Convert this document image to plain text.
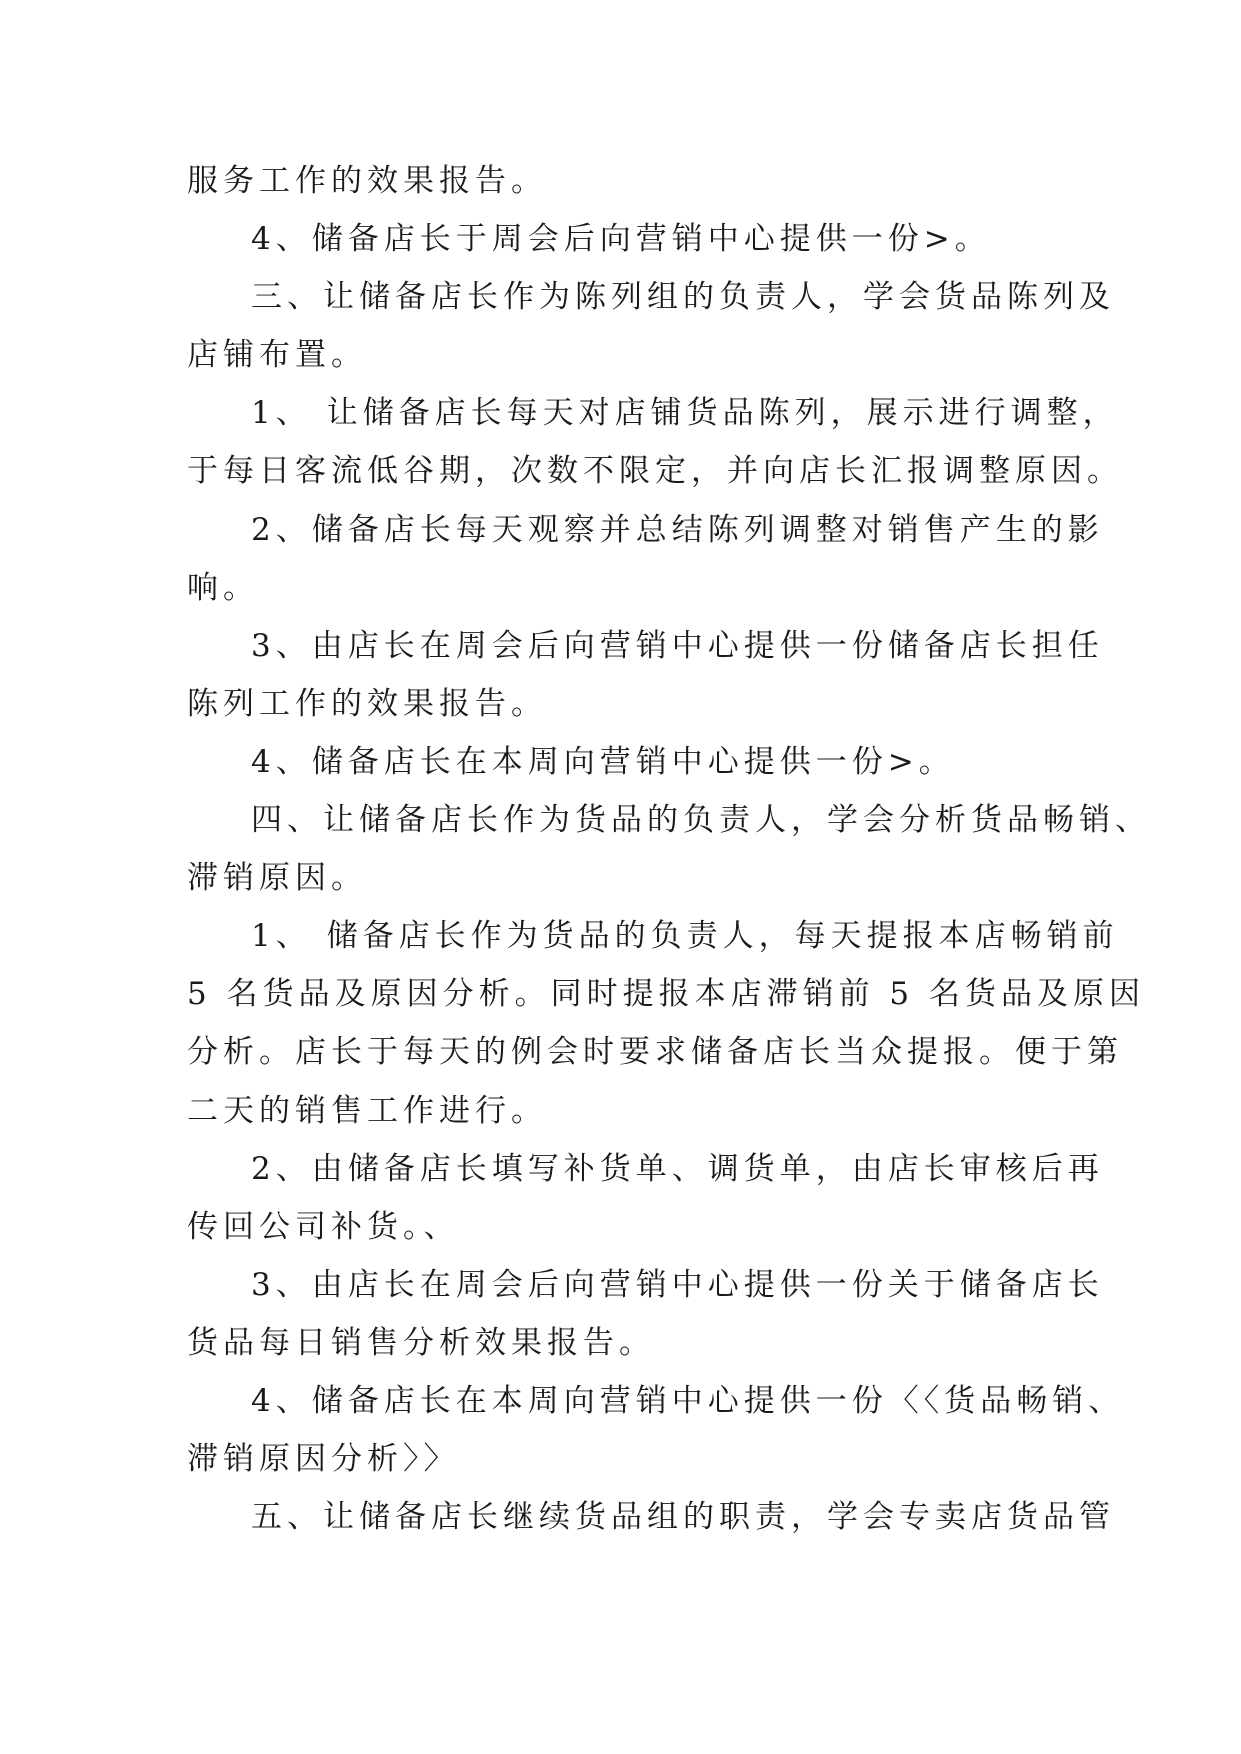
服务工作的效果报告。
4、储备店长于周会后向营销中心提供一份>。
三、让储备店长作为陈列组的负责人，学会货品陈列及
店铺布置。
1、 让储备店长每天对店铺货品陈列，展示进行调整，
于每日客流低谷期，次数不限定，并向店长汇报调整原因。
2、储备店长每天观察并总结陈列调整对销售产生的影
响。
3、由店长在周会后向营销中心提供一份储备店长担任
陈列工作的效果报告。
4、储备店长在本周向营销中心提供一份>。
四、让储备店长作为货品的负责人，学会分析货品畅销、
滞销原因。
1、 储备店长作为货品的负责人，每天提报本店畅销前
5 名货品及原因分析。同时提报本店滞销前 5 名货品及原因
分析。店长于每天的例会时要求储备店长当众提报。便于第
二天的销售工作进行。
2、由储备店长填写补货单、调货单，由店长审核后再
传回公司补货。、
3、由店长在周会后向营销中心提供一份关于储备店长
货品每日销售分析效果报告。
4、储备店长在本周向营销中心提供一份〈〈货品畅销、
滞销原因分析〉〉
五、让储备店长继续货品组的职责，学会专卖店货品管
